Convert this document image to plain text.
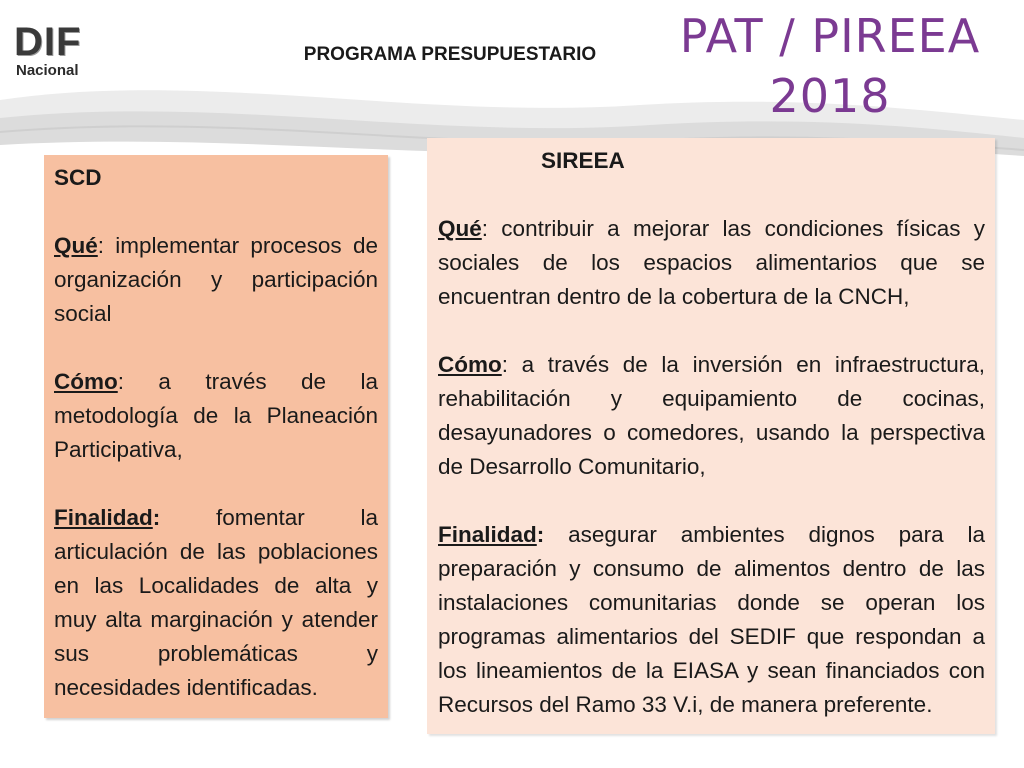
DIF
Nacional
PROGRAMA PRESUPUESTARIO	PAT / PIREEA
2018

SCD

Qué: implementar procesos de organización y participación social

Cómo: a través de la metodología de la Planeación Participativa,

Finalidad: fomentar la articulación de las poblaciones en las Localidades de alta y muy alta marginación y atender sus problemáticas y necesidades identificadas.

SIREEA

Qué: contribuir a mejorar las condiciones físicas y sociales de los espacios alimentarios que se encuentran dentro de la cobertura de la CNCH,

Cómo: a través de la inversión en infraestructura, rehabilitación y equipamiento de cocinas, desayunadores o comedores, usando la perspectiva de Desarrollo Comunitario,

Finalidad: asegurar ambientes dignos para la preparación y consumo de alimentos dentro de las instalaciones comunitarias donde se operan los programas alimentarios del SEDIF que respondan a los lineamientos de la EIASA y sean financiados con Recursos del Ramo 33 V.i, de manera preferente.
